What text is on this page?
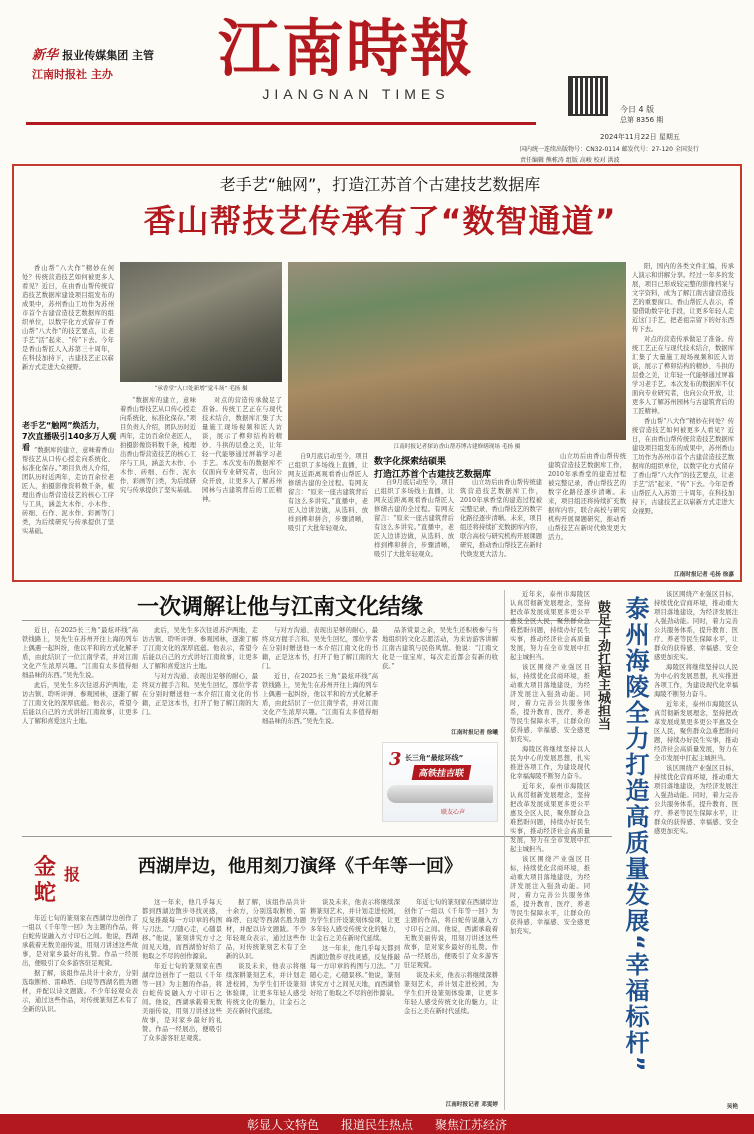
新华 报业传媒集团 主管
江南时报社 主办 江南時報
JIANGNAN TIMES
今日 4 版
总第 8356 期
2024年11月22日 星期五
国内统一连续出版物号：CN32-0114 邮发代号：27-120 全国发行
责任编辑 熊栋涛 组版 高峻 校对 洪波
老手艺“触网”，打造江苏首个古建技艺数据库
香山帮技艺传承有了“数智通道”

香山帮“八大作”精妙在何处？传统营造技艺如何被更多人看见？近日，在由香山帮传统营造技艺数据库建设项目组发布的成果中，苏州香山工坊作为苏州市首个古建营造技艺数据库的组织单位，以数字化方式留存了香山帮“八大作”的技艺要点，让老手艺“活”起来、“传”下去。今年是香山帮匠人入苏第三十周年，在科技加持下，古建技艺正以崭新方式走进大众视野。

老手艺“触网”焕活力，
7次直播吸引140多万人观看 “数据库的建立，意味着香山帮技艺从口传心授走向系统化、标准化保存。”项目负责人介绍，团队历时近两年，走访百余位老匠人，拍摄影像资料数千条，梳理出香山帮营造技艺的核心工序与工具，涵盖大木作、小木作、砖细、石作、泥水作、彩画等门类，为后续研究与传承提供了坚实基础。

“承香堂”入口处新增“觉斗场” 毛扬 摄

“数据库的建立，意味着香山帮技艺从口传心授走向系统化、标准化保存。”项目负责人介绍，团队历时近两年，走访百余位老匠人，拍摄影像资料数千条，梳理出香山帮营造技艺的核心工序与工具，涵盖大木作、小木作、砖细、石作、泥水作、彩画等门类，为后续研究与传承提供了坚实基础。

对点的营造传承做足了准备。传统工艺正在与现代技术结合，数据库汇集了大量施工现场视频和匠人访谈，展示了榫卯结构的精妙、斗拱的层叠之美，让年轻一代能够通过屏幕学习老手艺。本次发布的数据库不仅面向专业研究者，也向公众开放，让更多人了解苏州园林与古建筑背后的工匠精神。

江南时报记者探访香山帮苏博古建修缮现场 毛扬 摄

自9月底启动至今，项目已组织了多场线上直播，让网友近距离观看香山帮匠人修缮古建的全过程。有网友留言：“原来一座古建筑背后有这么多讲究。”直播中，老匠人边讲边做，从选料、放样到榫卯拼合，步骤清晰，吸引了大批年轻观众。

数字化探索结硕果
打造江苏首个古建技艺数据库

自9月底启动至今，项目已组织了多场线上直播，让网友近距离观看香山帮匠人修缮古建的全过程。有网友留言：“原来一座古建筑背后有这么多讲究。”直播中，老匠人边讲边做，从选料、放样到榫卯拼合，步骤清晰，吸引了大批年轻观众。

山立坊后由香山帮传统建筑营造技艺数据库工作，2010年承香堂的建造过程被完整记录，香山帮技艺的数字化路径逐步清晰。未来，项目组还将持续扩充数据库内容，联合高校与研究机构开展课题研究，推动香山帮技艺在新时代焕发更大活力。

山立坊后由香山帮传统建筑营造技艺数据库工作，2010年承香堂的建造过程被完整记录，香山帮技艺的数字化路径逐步清晰。未来，项目组还将持续扩充数据库内容，联合高校与研究机构开展课题研究，推动香山帮技艺在新时代焕发更大活力。

阳，国内的各类文件汇编，传承人演示和讲解分享。经过一年多的发展，项目已形成较完整的影像档案与文字资料，成为了解江南古建营造技艺的重要窗口。香山帮匠人表示，希望借助数字化手段，让更多年轻人走近这门手艺，把老祖宗留下的好东西传下去。

对点的营造传承做足了准备。传统工艺正在与现代技术结合，数据库汇集了大量施工现场视频和匠人访谈，展示了榫卯结构的精妙、斗拱的层叠之美，让年轻一代能够通过屏幕学习老手艺。本次发布的数据库不仅面向专业研究者，也向公众开放，让更多人了解苏州园林与古建筑背后的工匠精神。

香山帮“八大作”精妙在何处？传统营造技艺如何被更多人看见？近日，在由香山帮传统营造技艺数据库建设项目组发布的成果中，苏州香山工坊作为苏州市首个古建营造技艺数据库的组织单位，以数字化方式留存了香山帮“八大作”的技艺要点，让老手艺“活”起来、“传”下去。今年是香山帮匠人入苏第三十周年，在科技加持下，古建技艺正以崭新方式走进大众视野。

江南时报记者 毛扬 徐嘉
一次调解让他与江南文化结缘

近日，在2025长三角“最炫环线”高铁线路上，吴先生在苏州开往上海的列车上偶遇一起纠纷，他以平和的方式化解矛盾，由此结识了一位江南学者，并对江南文化产生浓厚兴趣。“江南有太多值得细细品味的东西。”吴先生说。

此后，吴先生多次往返苏沪两地，走访古镇、聆听评弹、参观园林，逐渐了解了江南文化的深厚底蕴。他表示，希望今后能以自己的方式讲好江南故事，让更多人了解和喜爱这片土地。

此后，吴先生多次往返苏沪两地，走访古镇、聆听评弹、参观园林，逐渐了解了江南文化的深厚底蕴。他表示，希望今后能以自己的方式讲好江南故事，让更多人了解和喜爱这片土地。

与对方沟通、表现出足够的耐心，最终双方握手言和。吴先生回忆，那位学者在分别时赠送他一本介绍江南文化的书籍，正是这本书，打开了他了解江南的大门。

与对方沟通、表现出足够的耐心，最终双方握手言和。吴先生回忆，那位学者在分别时赠送他一本介绍江南文化的书籍，正是这本书，打开了他了解江南的大门。

近日，在2025长三角“最炫环线”高铁线路上，吴先生在苏州开往上海的列车上偶遇一起纠纷，他以平和的方式化解矛盾，由此结识了一位江南学者，并对江南文化产生浓厚兴趣。“江南有太多值得细细品味的东西。”吴先生说。

品茶赏景之余，吴先生还积极参与当地组织的文化志愿活动，为来访游客讲解江南古建筑与民俗风情。他说：“江南文化是一座宝库，每次走近都会有新的收获。”

江南时报记者 徐曦
3 长三角“最炫环线”
高铁挂吉联
联友心声
金
蛇
报	西湖岸边，他用刻刀演绎《千年等一回》

年近七旬的篆刻家在西湖岸边创作了一组以《千年等一回》为主题的作品，将白蛇传说融入方寸印石之间。他说，西湖承载着无数美丽传说，用刻刀讲述这些故事，是对家乡最好的礼赞。作品一经展出，便吸引了众多游客驻足观赏。

据了解，该组作品共计十余方，分别选取断桥、雷峰塔、白堤等西湖名胜为题材，并配以诗文题跋。不少年轻观众表示，通过这些作品，对传统篆刻艺术有了全新的认识。

这一年来，他几乎每天都到西湖边散步寻找灵感，反复推敲每一方印章的构图与刀法。“刀随心走，心随景移。”他说，篆刻讲究方寸之间见天地，而西湖恰好给了他取之不尽的创作源泉。

年近七旬的篆刻家在西湖岸边创作了一组以《千年等一回》为主题的作品，将白蛇传说融入方寸印石之间。他说，西湖承载着无数美丽传说，用刻刀讲述这些故事，是对家乡最好的礼赞。作品一经展出，便吸引了众多游客驻足观赏。

据了解，该组作品共计十余方，分别选取断桥、雷峰塔、白堤等西湖名胜为题材，并配以诗文题跋。不少年轻观众表示，通过这些作品，对传统篆刻艺术有了全新的认识。

谈及未来，他表示将继续深耕篆刻艺术，并计划走进校园，为学生们开设篆刻体验课，让更多年轻人感受传统文化的魅力，让金石之美在新时代延续。

谈及未来，他表示将继续深耕篆刻艺术，并计划走进校园，为学生们开设篆刻体验课，让更多年轻人感受传统文化的魅力，让金石之美在新时代延续。

这一年来，他几乎每天都到西湖边散步寻找灵感，反复推敲每一方印章的构图与刀法。“刀随心走，心随景移。”他说，篆刻讲究方寸之间见天地，而西湖恰好给了他取之不尽的创作源泉。

年近七旬的篆刻家在西湖岸边创作了一组以《千年等一回》为主题的作品，将白蛇传说融入方寸印石之间。他说，西湖承载着无数美丽传说，用刻刀讲述这些故事，是对家乡最好的礼赞。作品一经展出，便吸引了众多游客驻足观赏。

谈及未来，他表示将继续深耕篆刻艺术，并计划走进校园，为学生们开设篆刻体验课，让更多年轻人感受传统文化的魅力，让金石之美在新时代延续。

江南时报记者 邓雯婷

近年来，泰州市海陵区认真贯彻新发展理念，坚持把改革发展成果更多更公平惠及全区人民，聚焦群众急难愁盼问题，持续办好民生实事，推动经济社会高质量发展，努力在全市发展中扛起主城担当。

该区围绕产业强区目标，持续优化营商环境，推动重大项目落地建设，为经济发展注入强劲动能。同时，着力完善公共服务体系，提升教育、医疗、养老等民生保障水平，让群众的获得感、幸福感、安全感更加充实。

海陵区将继续坚持以人民为中心的发展思想，扎实推进各项工作，为建设现代化幸福海陵不断努力奋斗。

近年来，泰州市海陵区认真贯彻新发展理念，坚持把改革发展成果更多更公平惠及全区人民，聚焦群众急难愁盼问题，持续办好民生实事，推动经济社会高质量发展，努力在全市发展中扛起主城担当。

该区围绕产业强区目标，持续优化营商环境，推动重大项目落地建设，为经济发展注入强劲动能。同时，着力完善公共服务体系，提升教育、医疗、养老等民生保障水平，让群众的获得感、幸福感、安全感更加充实。

鼓足干劲扛起主城担当 泰州海陵全力打造高质量发展“幸福标杆”

该区围绕产业强区目标，持续优化营商环境，推动重大项目落地建设，为经济发展注入强劲动能。同时，着力完善公共服务体系，提升教育、医疗、养老等民生保障水平，让群众的获得感、幸福感、安全感更加充实。

海陵区将继续坚持以人民为中心的发展思想，扎实推进各项工作，为建设现代化幸福海陵不断努力奋斗。

近年来，泰州市海陵区认真贯彻新发展理念，坚持把改革发展成果更多更公平惠及全区人民，聚焦群众急难愁盼问题，持续办好民生实事，推动经济社会高质量发展，努力在全市发展中扛起主城担当。

该区围绕产业强区目标，持续优化营商环境，推动重大项目落地建设，为经济发展注入强劲动能。同时，着力完善公共服务体系，提升教育、医疗、养老等民生保障水平，让群众的获得感、幸福感、安全感更加充实。

吴艳
彰显人文特色 报道民生热点 聚焦江苏经济
